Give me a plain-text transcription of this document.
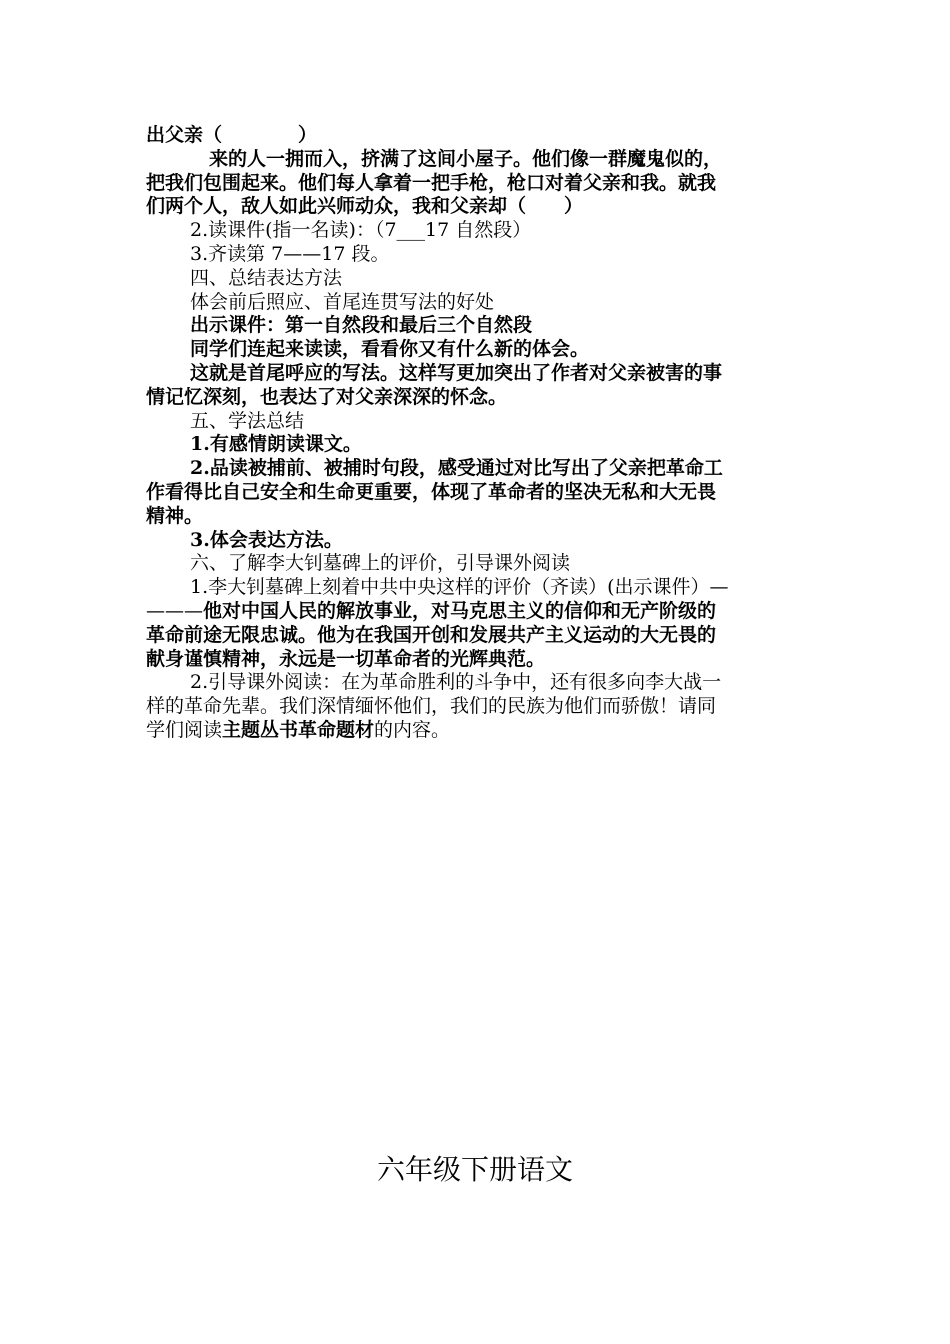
出父亲（　　　　）

来的人一拥而入，挤满了这间小屋子。他们像一群魔鬼似的，

把我们包围起来。他们每人拿着一把手枪，枪口对着父亲和我。就我

们两个人，敌人如此兴师动众，我和父亲却（　　）

2.读课件(指一名读)：（7___17 自然段）

3.齐读第 7——17 段。

四、总结表达方法

体会前后照应、首尾连贯写法的好处

出示课件：第一自然段和最后三个自然段

同学们连起来读读，看看你又有什么新的体会。

这就是首尾呼应的写法。这样写更加突出了作者对父亲被害的事

情记忆深刻，也表达了对父亲深深的怀念。

五、学法总结

1.有感情朗读课文。

2.品读被捕前、被捕时句段，感受通过对比写出了父亲把革命工

作看得比自己安全和生命更重要，体现了革命者的坚决无私和大无畏

精神。

3.体会表达方法。

六、了解李大钊墓碑上的评价，引导课外阅读

1.李大钊墓碑上刻着中共中央这样的评价（齐读）(出示课件）—

———他对中国人民的解放事业，对马克思主义的信仰和无产阶级的

革命前途无限忠诚。他为在我国开创和发展共产主义运动的大无畏的

献身谨慎精神，永远是一切革命者的光辉典范。

2.引导课外阅读：在为革命胜利的斗争中，还有很多向李大战一

样的革命先辈。我们深情缅怀他们，我们的民族为他们而骄傲！请同

学们阅读主题丛书革命题材的内容。

六年级下册语文
